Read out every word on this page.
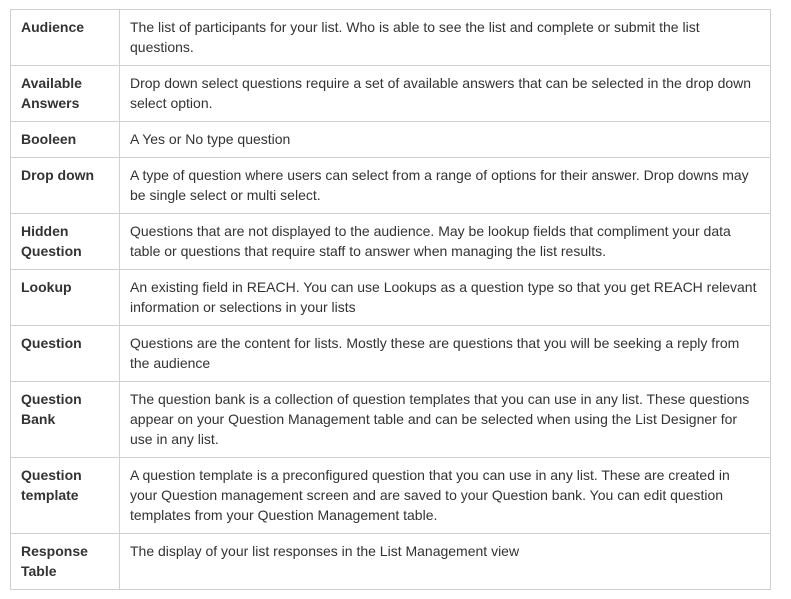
Audience	The list of participants for your list. Who is able to see the list and complete or submit the list questions.
Available Answers	Drop down select questions require a set of available answers that can be selected in the drop down select option.
Booleen	A Yes or No type question
Drop down	A type of question where users can select from a range of options for their answer. Drop downs may be single select or multi select.
Hidden Question	Questions that are not displayed to the audience. May be lookup fields that compliment your data table or questions that require staff to answer when managing the list results.
Lookup	An existing field in REACH. You can use Lookups as a question type so that you get REACH relevant information or selections in your lists
Question	Questions are the content for lists. Mostly these are questions that you will be seeking a reply from the audience
Question Bank	The question bank is a collection of question templates that you can use in any list. These questions appear on your Question Management table and can be selected when using the List Designer for use in any list.
Question template	A question template is a preconfigured question that you can use in any list. These are created in your Question management screen and are saved to your Question bank. You can edit question templates from your Question Management table.
Response Table	The display of your list responses in the List Management view
